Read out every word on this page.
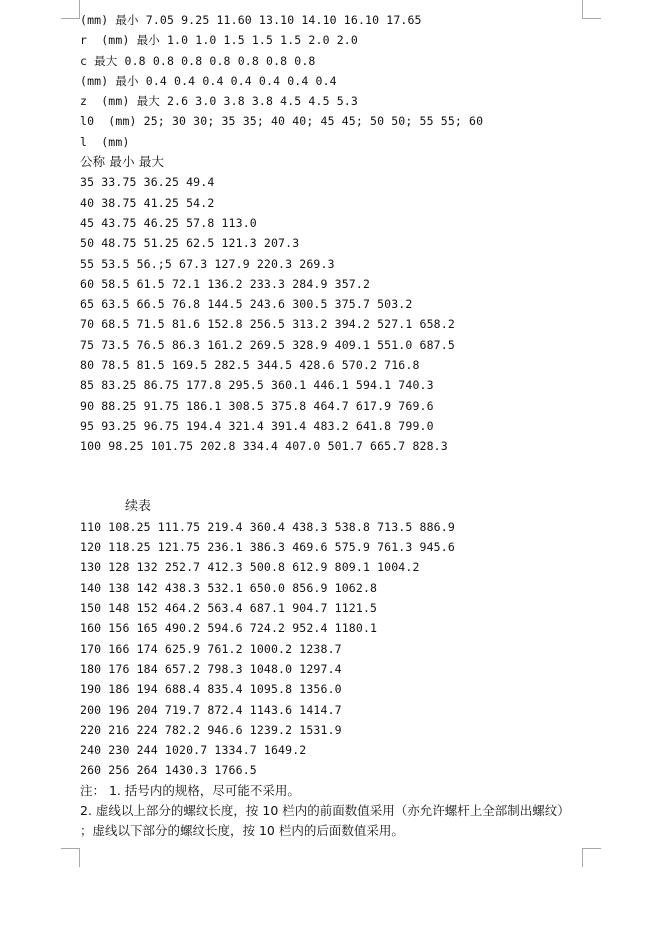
(mm) 最小 7.05 9.25 11.60 13.10 14.10 16.10 17.65
r  (mm) 最小 1.0 1.0 1.5 1.5 1.5 2.0 2.0
c 最大 0.8 0.8 0.8 0.8 0.8 0.8 0.8
(mm) 最小 0.4 0.4 0.4 0.4 0.4 0.4 0.4
z  (mm) 最大 2.6 3.0 3.8 3.8 4.5 4.5 5.3
l0  (mm) 25; 30 30; 35 35; 40 40; 45 45; 50 50; 55 55; 60
l  (mm)
公称 最小 最大
35 33.75 36.25 49.4
40 38.75 41.25 54.2
45 43.75 46.25 57.8 113.0
50 48.75 51.25 62.5 121.3 207.3
55 53.5 56.;5 67.3 127.9 220.3 269.3
60 58.5 61.5 72.1 136.2 233.3 284.9 357.2
65 63.5 66.5 76.8 144.5 243.6 300.5 375.7 503.2
70 68.5 71.5 81.6 152.8 256.5 313.2 394.2 527.1 658.2
75 73.5 76.5 86.3 161.2 269.5 328.9 409.1 551.0 687.5
80 78.5 81.5 169.5 282.5 344.5 428.6 570.2 716.8
85 83.25 86.75 177.8 295.5 360.1 446.1 594.1 740.3
90 88.25 91.75 186.1 308.5 375.8 464.7 617.9 769.6
95 93.25 96.75 194.4 321.4 391.4 483.2 641.8 799.0
100 98.25 101.75 202.8 334.4 407.0 501.7 665.7 828.3
续表
110 108.25 111.75 219.4 360.4 438.3 538.8 713.5 886.9
120 118.25 121.75 236.1 386.3 469.6 575.9 761.3 945.6
130 128 132 252.7 412.3 500.8 612.9 809.1 1004.2
140 138 142 438.3 532.1 650.0 856.9 1062.8
150 148 152 464.2 563.4 687.1 904.7 1121.5
160 156 165 490.2 594.6 724.2 952.4 1180.1
170 166 174 625.9 761.2 1000.2 1238.7
180 176 184 657.2 798.3 1048.0 1297.4
190 186 194 688.4 835.4 1095.8 1356.0
200 196 204 719.7 872.4 1143.6 1414.7
220 216 224 782.2 946.6 1239.2 1531.9
240 230 244 1020.7 1334.7 1649.2
260 256 264 1430.3 1766.5

注： 1. 括号内的规格，尽可能不采用。

2. 虚线以上部分的螺纹长度，按 10 栏内的前面数值采用（亦允许螺杆上全部制出螺纹） ；虚线以下部分的螺纹长度，按 10 栏内的后面数值采用。
